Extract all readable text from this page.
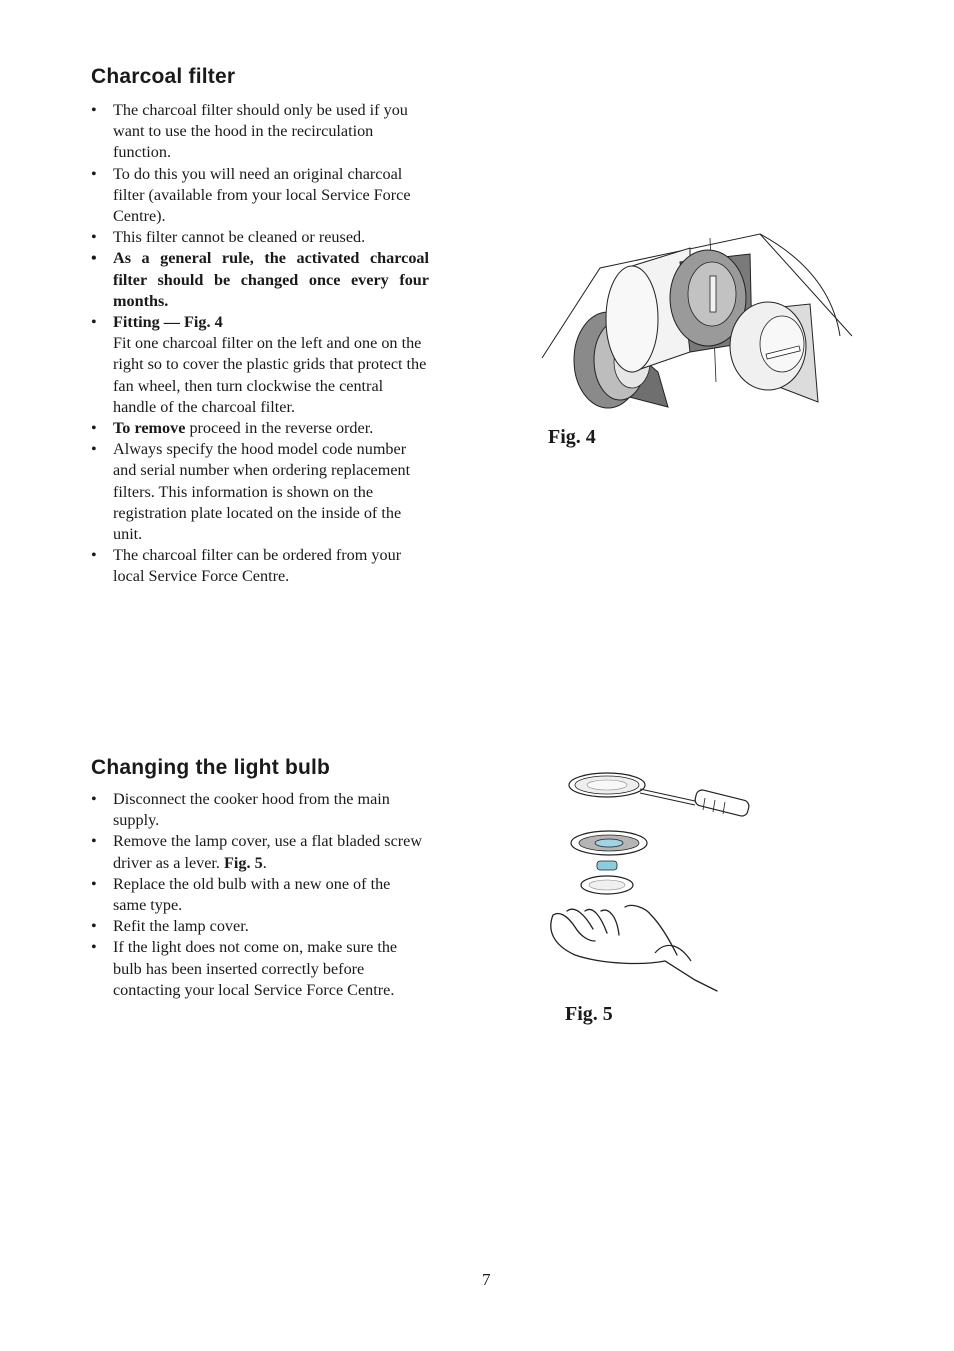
Charcoal filter
• The charcoal filter should only be used if you
want to use the hood in the recirculation
function.
• To do this you will need an original charcoal
filter (available from your local Service Force
Centre).
• This filter cannot be cleaned or reused.
• As a general rule, the activated charcoal
filter should be changed once every four
months.
• Fitting — Fig. 4
Fit one charcoal filter on the left and one on the
right so to cover the plastic grids that protect the
fan wheel, then turn clockwise the central
handle of the charcoal filter.
• To remove proceed in the reverse order.
• Always specify the hood model code number
and serial number when ordering replacement
filters. This information is shown on the
registration plate located on the inside of the
unit.
• The charcoal filter can be ordered from your
local Service Force Centre.
Fig. 4
Changing the light bulb
• Disconnect the cooker hood from the main
supply.
• Remove the lamp cover, use a flat bladed screw
driver as a lever. Fig. 5.
• Replace the old bulb with a new one of the
same type.
• Refit the lamp cover.
• If the light does not come on, make sure the
bulb has been inserted correctly before
contacting your local Service Force Centre.
Fig. 5
7
